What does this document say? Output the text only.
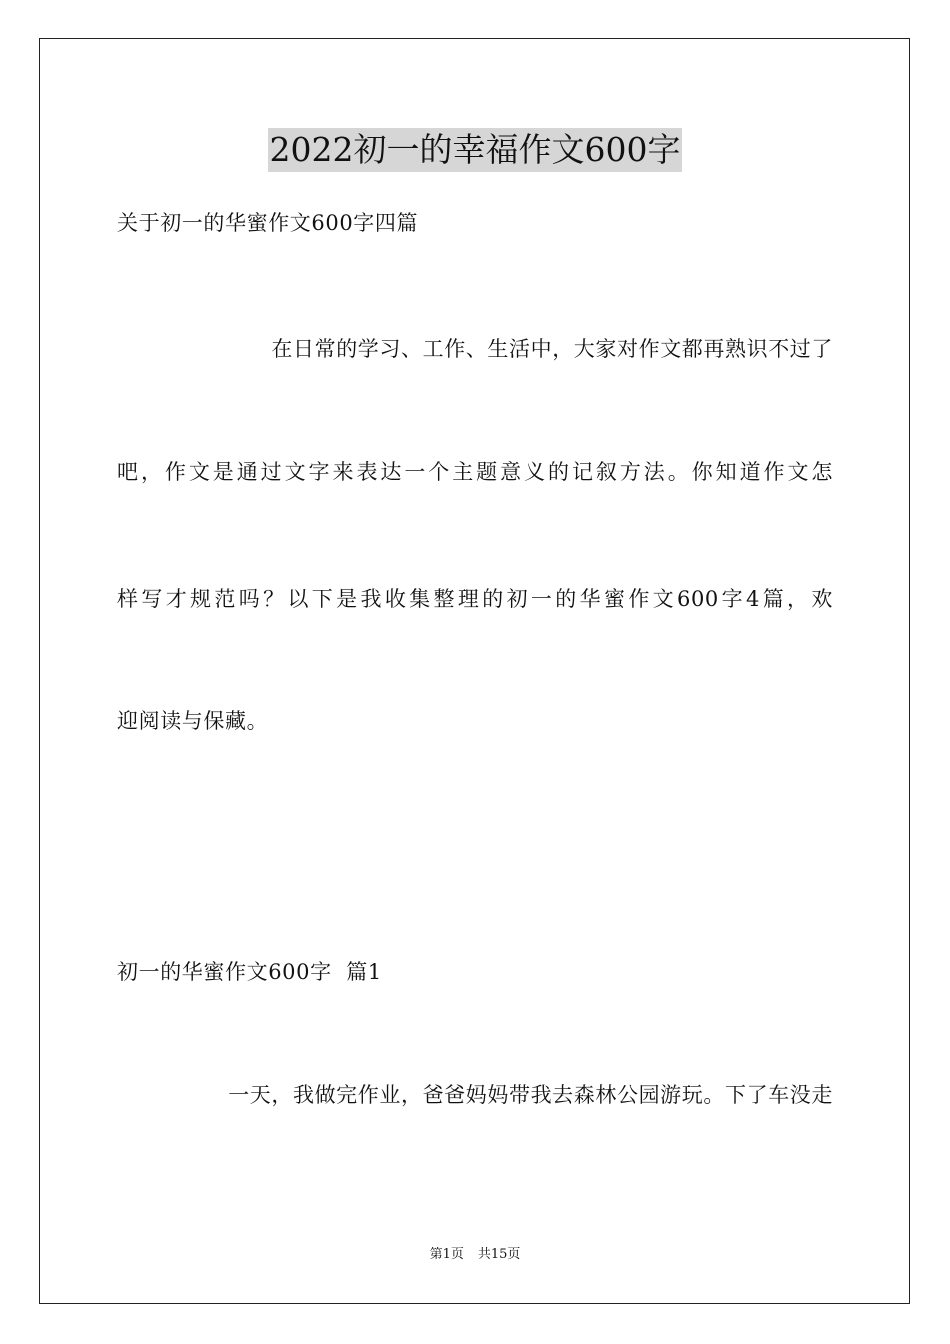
2022初一的幸福作文600字
关于初一的华蜜作文600字四篇
在日常的学习、工作、生活中，大家对作文都再熟识不过了
吧，作文是通过文字来表达一个主题意义的记叙方法。你知道作文怎
样写才规范吗？以下是我收集整理的初一的华蜜作文600字4篇，欢
迎阅读与保藏。
初一的华蜜作文600字  篇1
一天，我做完作业，爸爸妈妈带我去森林公园游玩。下了车没走
第1页 共15页
